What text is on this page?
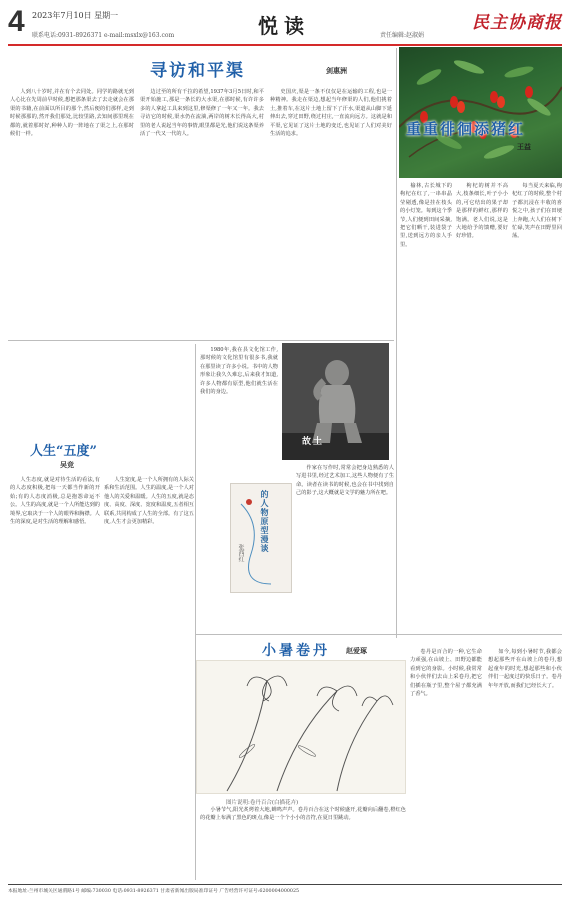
4 2023年7月10日 星期一
联系电话:0931-8926371 e-mail:msxlx@163.com	悦读	责任编辑:赵淑娟
民主协商报
寻访和平渠	剑惠洲

人到八十岁时,并在有个去同处。同学的路就无到人心比在先周前早时候,想把那条渠去了去走就会在那渠的书籍,在前面以所目的那个,然后便的们那样,走到时候那那的,然开我们那处,比较里路,去知间那里现在都的,就着那时好,种种人的一阵地在了渠之上,在那时候们一样。

边过至的所有千拉的希望,1937年3月5日时,和平渠开始施工,那是一条长的大水渠,在那时候,有许许多多的人拿起工具来到这里,修渠修了一年又一年。我去寻访它的时候,渠水仍在流淌,两岸的树木长得高大,村里的老人说起当年的事情,眼里都是光,他们说这条渠养活了一代又一代的人。

史国庆,渠是一条不仅仅是在运输的工程,也是一种精神。我走在渠边,想起当年修渠的人们,他们挑着土,推着车,在这片土地上留下了汗水,渠道从山脚下延伸出去,穿过田野,绕过村庄,一直流向远方。这就是和平渠,它见证了这片土地的变迁,也见证了人们对美好生活的追求。	重重徘徊添猪红
王益

榆林,古长城下的枸杞在红了,一串串晶莹剔透,像是挂在枝头的小灯笼。每到这个季节,人们便到田间采摘,把它们晒干,装进袋子里,送到远方的亲人手里。

枸杞的树并不高大,枝条细长,叶子小小的,可它结出的果子却是那样的鲜红,那样的饱满。老人们说,这是大地给予的馈赠,要好好珍惜。

每当夏天来临,枸杞红了的时候,整个村子都沉浸在丰收的喜悦之中,孩子们在田埂上奔跑,大人们在树下忙碌,笑声在田野里回荡。

人生“五度”
吴竞

人生态度,就是对待生活的看法,有的人态度积极,把每一天都当作新的开始;有的人态度消极,总是抱怨命运不公。人生的高度,就是一个人所能达到的境界,它取决于一个人的眼界和胸襟。人生的深度,是对生活的理解和感悟。

人生宽度,是一个人所拥有的人际关系和生活范围。人生的温度,是一个人对他人的关爱和温暖。人生的五度,就是态度、高度、深度、宽度和温度,五者相互联系,共同构成了人生的全部。有了这五度,人生才会更加精彩。

故土

1980年,我在县文化馆工作,那时候的文化馆里有很多书,我就在那里读了许多小说。书中的人物形象让我久久难忘,后来我才知道,许多人物都有原型,他们就生活在我们的身边。

的人物原型漫谈
张西红

作家在写作时,常常会把身边熟悉的人写进书里,经过艺术加工,这些人物便有了生命。读者在读书的时候,也会在书中找到自己的影子,这大概就是文学的魅力所在吧。

小暑卷丹 赵爱琢
图片说明:卷丹百合(白描花卉)

小暑节气,阳光炙烤着大地,蝉鸣声声。卷丹百合在这个时候盛开,花瓣向后翻卷,橙红色的花瓣上布满了黑色的斑点,像是一个个小小的音符,在夏日里跳动。

卷丹是百合的一种,它生命力顽强,在山坡上、田野边都能看到它的身影。小时候,我常常和小伙伴们去山上采卷丹,把它们插在瓶子里,整个屋子都充满了香气。

如今,每到小暑时节,我都会想起那些开在山坡上的卷丹,想起童年的时光,想起那些和小伙伴们一起度过的快乐日子。卷丹年年开放,而我们已经长大了。

本报地址:兰州市城关区通渭路1号 邮编:730030 电话:0931-8926371 甘肃省新闻出版局准印证号 广告经营许可证号:6200004000025
